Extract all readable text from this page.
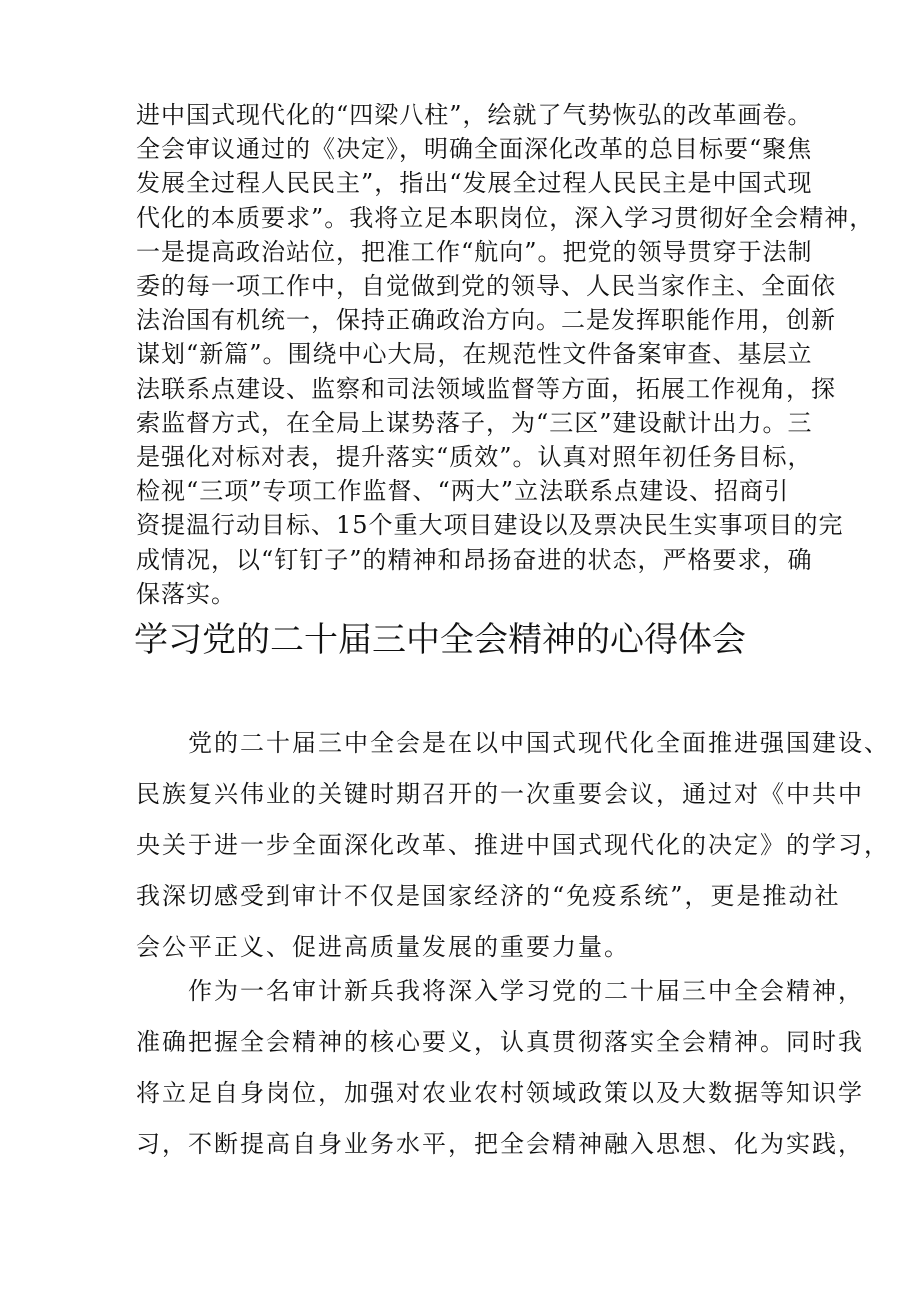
进中国式现代化的“四梁八柱”，绘就了气势恢弘的改革画卷。
全会审议通过的《决定》，明确全面深化改革的总目标要“聚焦
发展全过程人民民主”，指出“发展全过程人民民主是中国式现
代化的本质要求”。我将立足本职岗位，深入学习贯彻好全会精神，
一是提高政治站位，把准工作“航向”。把党的领导贯穿于法制
委的每一项工作中，自觉做到党的领导、人民当家作主、全面依
法治国有机统一，保持正确政治方向。二是发挥职能作用，创新
谋划“新篇”。围绕中心大局，在规范性文件备案审查、基层立
法联系点建设、监察和司法领域监督等方面，拓展工作视角，探
索监督方式，在全局上谋势落子，为“三区”建设献计出力。三
是强化对标对表，提升落实“质效”。认真对照年初任务目标，
检视“三项”专项工作监督、“两大”立法联系点建设、招商引
资提温行动目标、15个重大项目建设以及票决民生实事项目的完
成情况，以“钉钉子”的精神和昂扬奋进的状态，严格要求，确
保落实。

学习党的二十届三中全会精神的心得体会

　　党的二十届三中全会是在以中国式现代化全面推进强国建设、
民族复兴伟业的关键时期召开的一次重要会议，通过对《中共中
央关于进一步全面深化改革、推进中国式现代化的决定》的学习，
我深切感受到审计不仅是国家经济的“免疫系统”，更是推动社
会公平正义、促进高质量发展的重要力量。

　　作为一名审计新兵我将深入学习党的二十届三中全会精神，
准确把握全会精神的核心要义，认真贯彻落实全会精神。同时我
将立足自身岗位，加强对农业农村领域政策以及大数据等知识学
习，不断提高自身业务水平，把全会精神融入思想、化为实践，
